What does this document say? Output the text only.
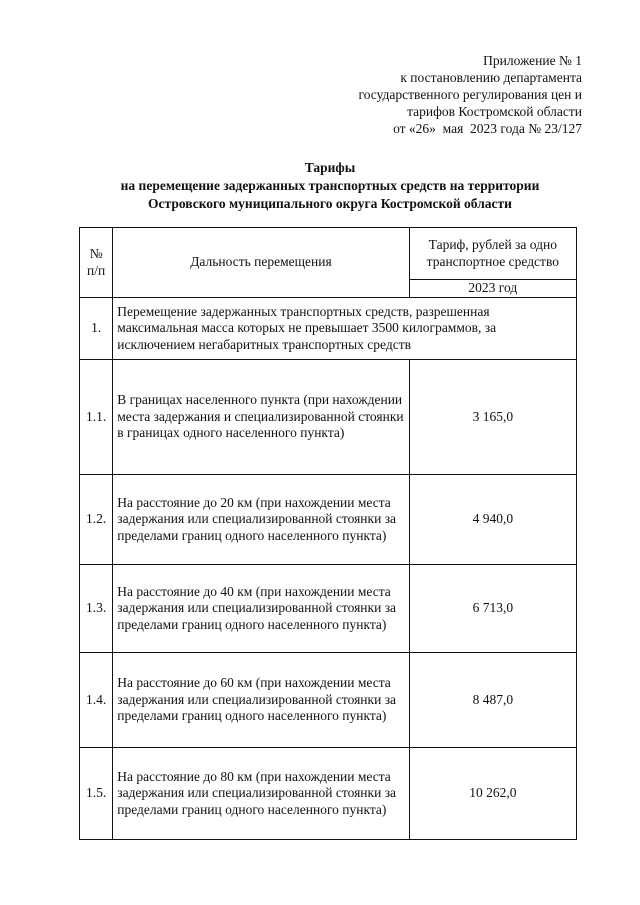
Приложение № 1
к постановлению департамента
государственного регулирования цен и
тарифов Костромской области
от «26»  мая  2023 года № 23/127
Тарифы
на перемещение задержанных транспортных средств на территории
Островского муниципального округа Костромской области
№ п/п	Дальность перемещения	Тариф, рублей за одно транспортное средство
		2023 год
1.	Перемещение задержанных транспортных средств, разрешенная максимальная масса которых не превышает 3500 килограммов, за исключением негабаритных транспортных средств	
1.1.	В границах населенного пункта (при нахождении места задержания и специализированной стоянки в границах одного населенного пункта)	3 165,0
1.2.	На расстояние до 20 км (при нахождении места задержания или специализированной стоянки за пределами границ одного населенного пункта)	4 940,0
1.3.	На расстояние до 40 км (при нахождении места задержания или специализированной стоянки за пределами границ одного населенного пункта)	6 713,0
1.4.	На расстояние до 60 км (при нахождении места задержания или специализированной стоянки за пределами границ одного населенного пункта)	8 487,0
1.5.	На расстояние до 80 км (при нахождении места задержания или специализированной стоянки за пределами границ одного населенного пункта)	10 262,0
